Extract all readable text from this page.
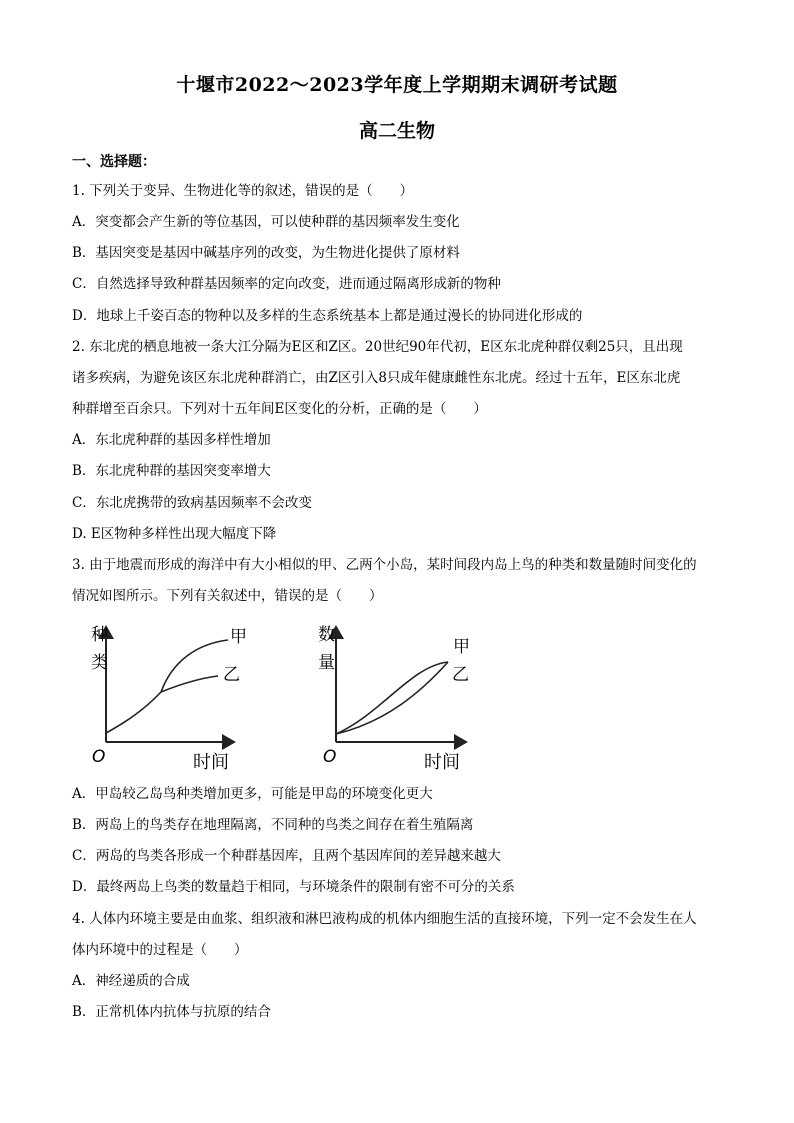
十堰市2022～2023学年度上学期期末调研考试题
高二生物
一、选择题：
1. 下列关于变异、生物进化等的叙述，错误的是（　　）
A．突变都会产生新的等位基因，可以使种群的基因频率发生变化
B．基因突变是基因中碱基序列的改变，为生物进化提供了原材料
C．自然选择导致种群基因频率的定向改变，进而通过隔离形成新的物种
D．地球上千姿百态的物种以及多样的生态系统基本上都是通过漫长的协同进化形成的
2. 东北虎的栖息地被一条大江分隔为E区和Z区。20世纪90年代初，E区东北虎种群仅剩25只，且出现
诸多疾病，为避免该区东北虎种群消亡，由Z区引入8只成年健康雌性东北虎。经过十五年，E区东北虎
种群增至百余只。下列对十五年间E区变化的分析，正确的是（　　）
A．东北虎种群的基因多样性增加
B．东北虎种群的基因突变率增大
C．东北虎携带的致病基因频率不会改变
D. E区物种多样性出现大幅度下降
3. 由于地震而形成的海洋中有大小相似的甲、乙两个小岛，某时间段内岛上鸟的种类和数量随时间变化的
情况如图所示。下列有关叙述中，错误的是（　　）
种
类
O	时间
甲
乙
数
量
O	时间
甲
乙
A．甲岛较乙岛鸟种类增加更多，可能是甲岛的环境变化更大
B．两岛上的鸟类存在地理隔离，不同种的鸟类之间存在着生殖隔离
C．两岛的鸟类各形成一个种群基因库，且两个基因库间的差异越来越大
D．最终两岛上鸟类的数量趋于相同，与环境条件的限制有密不可分的关系
4. 人体内环境主要是由血浆、组织液和淋巴液构成的机体内细胞生活的直接环境，下列一定不会发生在人
体内环境中的过程是（　　）
A．神经递质的合成
B．正常机体内抗体与抗原的结合
